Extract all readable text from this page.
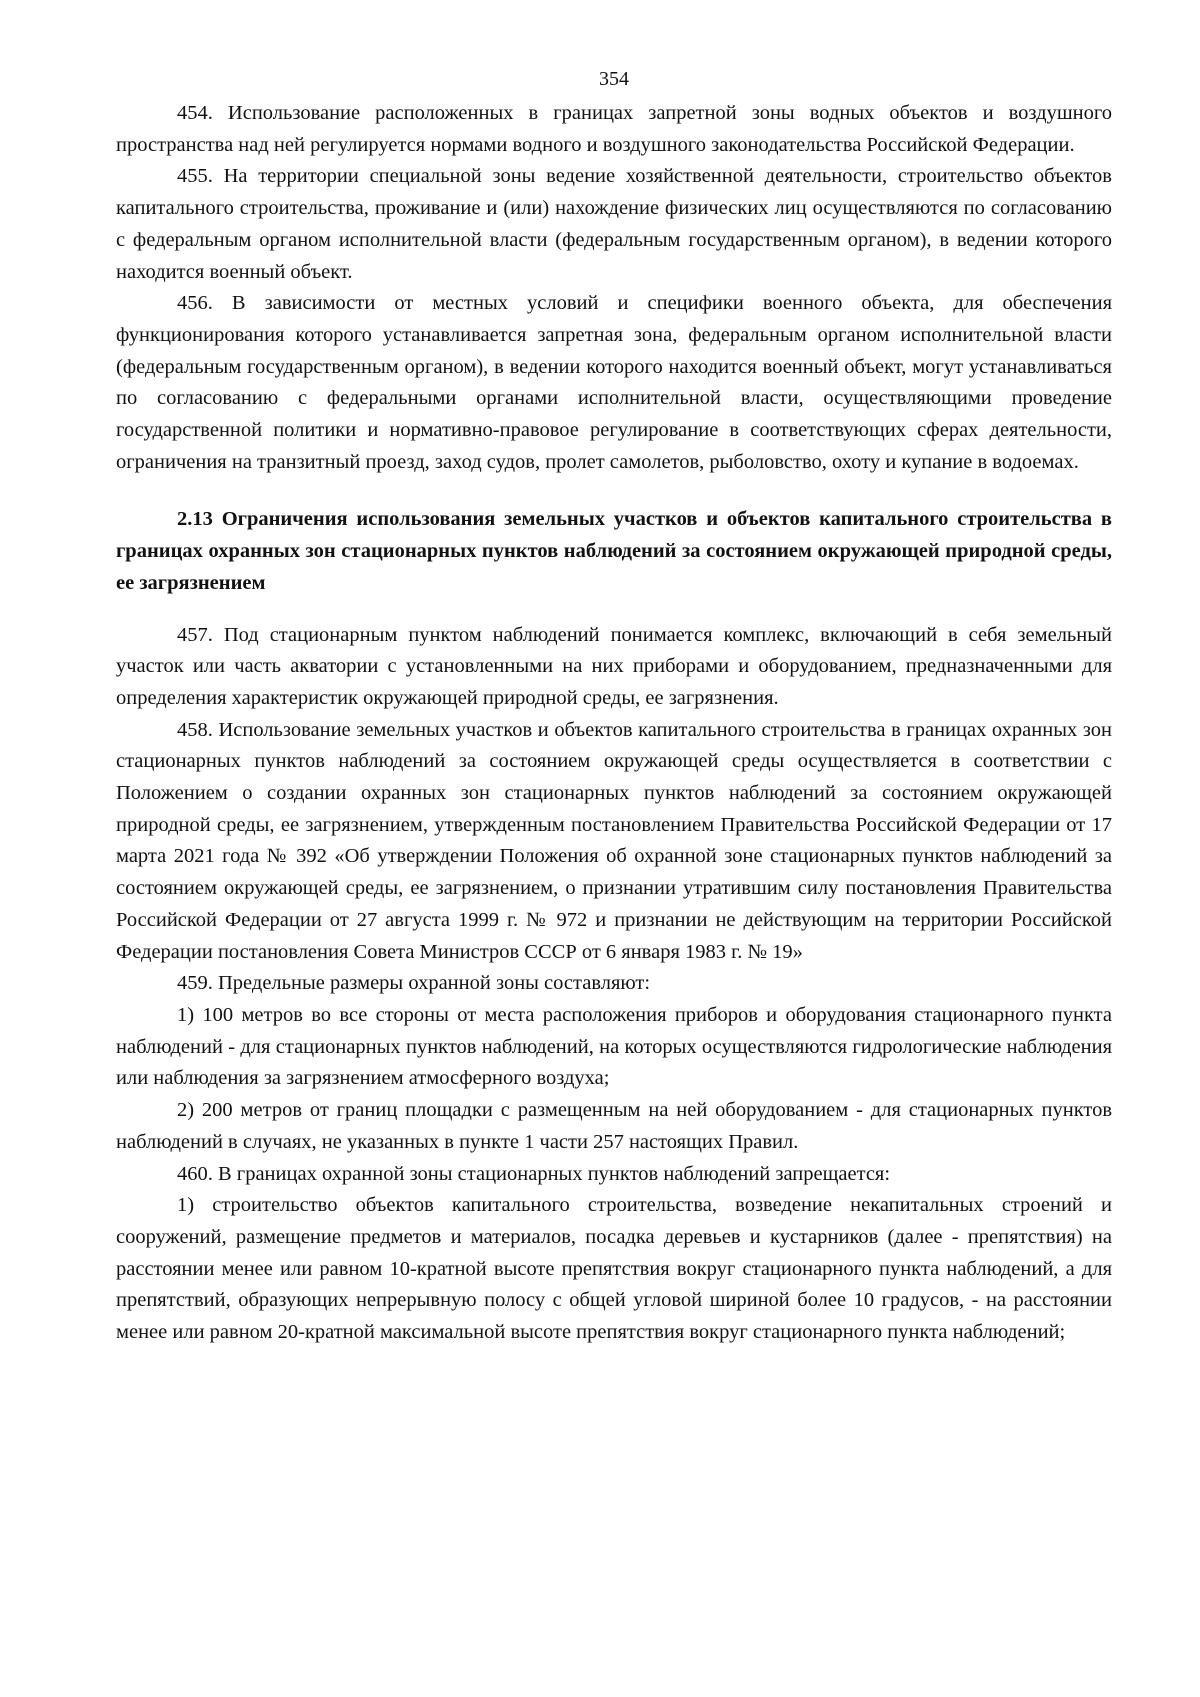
354

454. Использование расположенных в границах запретной зоны водных объектов и воздушного пространства над ней регулируется нормами водного и воздушного законодательства Российской Федерации.

455. На территории специальной зоны ведение хозяйственной деятельности, строительство объектов капитального строительства, проживание и (или) нахождение физических лиц осуществляются по согласованию с федеральным органом исполнительной власти (федеральным государственным органом), в ведении которого находится военный объект.

456. В зависимости от местных условий и специфики военного объекта, для обеспечения функционирования которого устанавливается запретная зона, федеральным органом исполнительной власти (федеральным государственным органом), в ведении которого находится военный объект, могут устанавливаться по согласованию с федеральными органами исполнительной власти, осуществляющими проведение государственной политики и нормативно-правовое регулирование в соответствующих сферах деятельности, ограничения на транзитный проезд, заход судов, пролет самолетов, рыболовство, охоту и купание в водоемах.

2.13 Ограничения использования земельных участков и объектов капитального строительства в границах охранных зон стационарных пунктов наблюдений за состоянием окружающей природной среды, ее загрязнением

457. Под стационарным пунктом наблюдений понимается комплекс, включающий в себя земельный участок или часть акватории с установленными на них приборами и оборудованием, предназначенными для определения характеристик окружающей природной среды, ее загрязнения.

458. Использование земельных участков и объектов капитального строительства в границах охранных зон стационарных пунктов наблюдений за состоянием окружающей среды осуществляется в соответствии с Положением о создании охранных зон стационарных пунктов наблюдений за состоянием окружающей природной среды, ее загрязнением, утвержденным постановлением Правительства Российской Федерации от 17 марта 2021 года № 392 «Об утверждении Положения об охранной зоне стационарных пунктов наблюдений за состоянием окружающей среды, ее загрязнением, о признании утратившим силу постановления Правительства Российской Федерации от 27 августа 1999 г. № 972 и признании не действующим на территории Российской Федерации постановления Совета Министров СССР от 6 января 1983 г. № 19»

459. Предельные размеры охранной зоны составляют:

1) 100 метров во все стороны от места расположения приборов и оборудования стационарного пункта наблюдений - для стационарных пунктов наблюдений, на которых осуществляются гидрологические наблюдения или наблюдения за загрязнением атмосферного воздуха;

2) 200 метров от границ площадки с размещенным на ней оборудованием - для стационарных пунктов наблюдений в случаях, не указанных в пункте 1 части 257 настоящих Правил.

460. В границах охранной зоны стационарных пунктов наблюдений запрещается:

1) строительство объектов капитального строительства, возведение некапитальных строений и сооружений, размещение предметов и материалов, посадка деревьев и кустарников (далее - препятствия) на расстоянии менее или равном 10-кратной высоте препятствия вокруг стационарного пункта наблюдений, а для препятствий, образующих непрерывную полосу с общей угловой шириной более 10 градусов, - на расстоянии менее или равном 20-кратной максимальной высоте препятствия вокруг стационарного пункта наблюдений;
